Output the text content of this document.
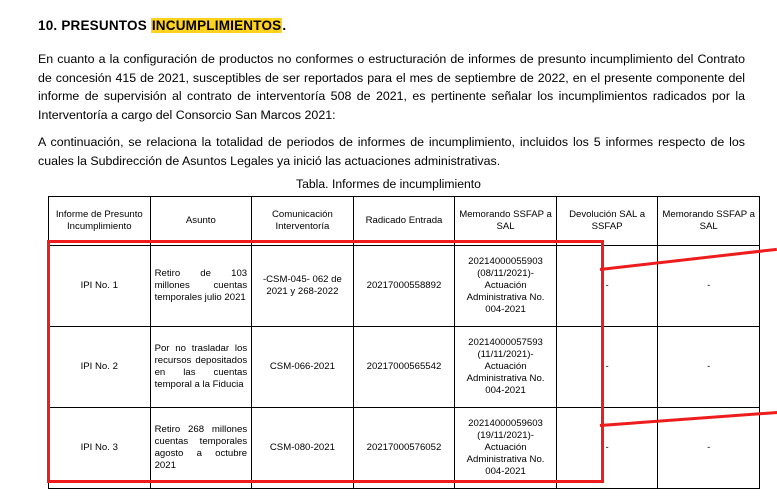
10. PRESUNTOS INCUMPLIMIENTOS.
En cuanto a la configuración de productos no conformes o estructuración de informes de presunto incumplimiento del Contrato de concesión 415 de 2021, susceptibles de ser reportados para el mes de septiembre de 2022, en el presente componente del informe de supervisión al contrato de interventoría 508 de 2021, es pertinente señalar los incumplimientos radicados por la Interventoría a cargo del Consorcio San Marcos 2021:
A continuación, se relaciona la totalidad de periodos de informes de incumplimiento, incluidos los 5 informes respecto de los cuales la Subdirección de Asuntos Legales ya inició las actuaciones administrativas.
Tabla. Informes de incumplimiento
Informe de Presunto Incumplimiento	Asunto	Comunicación Interventoría	Radicado Entrada	Memorando SSFAP a SAL	Devolución SAL a SSFAP	Memorando SSFAP a SAL
IPI No. 1	Retiro de 103 millones cuentas temporales julio 2021	-CSM-045- 062 de 2021 y 268-2022	20217000558892	20214000055903 (08/11/2021)- Actuación Administrativa No. 004-2021	-	-
IPI No. 2	Por no trasladar los recursos depositados en las cuentas temporal a la Fiducia	CSM-066-2021	20217000565542	20214000057593 (11/11/2021)- Actuación Administrativa No. 004-2021	-	-
IPI No. 3	Retiro 268 millones cuentas temporales agosto a octubre 2021	CSM-080-2021	20217000576052	20214000059603 (19/11/2021)- Actuación Administrativa No. 004-2021	-	-
